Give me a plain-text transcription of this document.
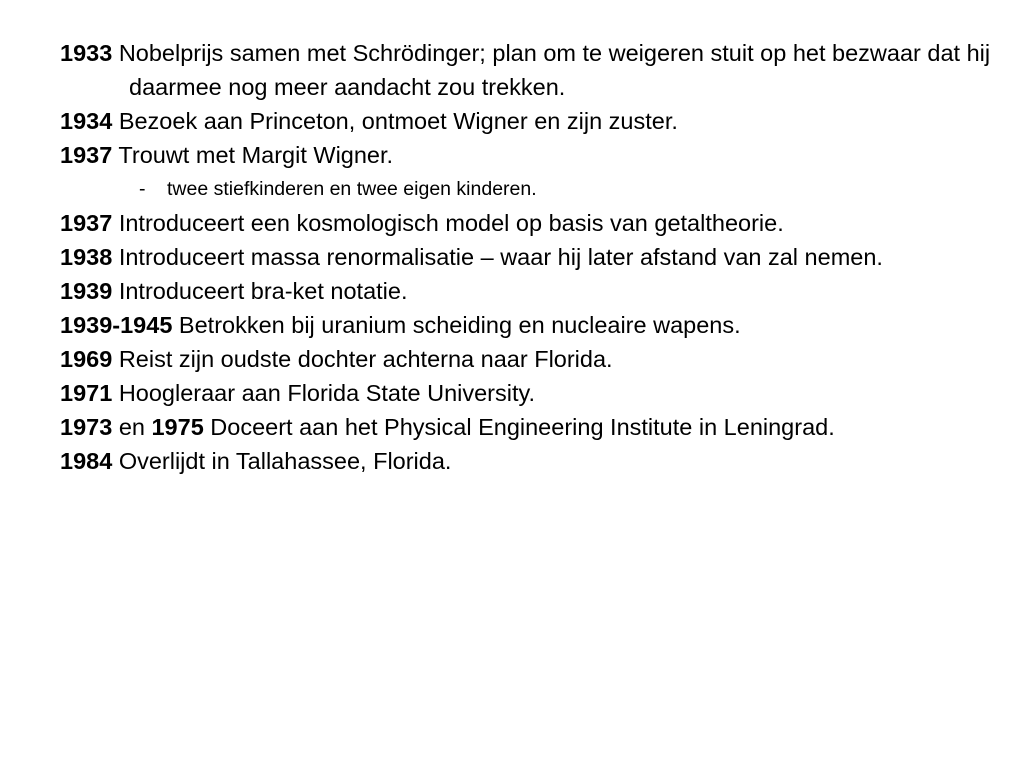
1933 Nobelprijs samen met Schrödinger; plan om te weigeren stuit op het bezwaar dat hij daarmee nog meer aandacht zou trekken.
1934 Bezoek aan Princeton, ontmoet Wigner en zijn zuster.
1937 Trouwt met Margit Wigner.
- twee stiefkinderen en twee eigen kinderen.
1937 Introduceert een kosmologisch model op basis van getaltheorie.
1938 Introduceert massa renormalisatie – waar hij later afstand van zal nemen.
1939 Introduceert bra-ket notatie.
1939-1945 Betrokken bij uranium scheiding en nucleaire wapens.
1969 Reist zijn oudste dochter achterna naar Florida.
1971 Hoogleraar aan Florida State University.
1973 en 1975 Doceert aan het Physical Engineering Institute in Leningrad.
1984 Overlijdt in Tallahassee, Florida.
